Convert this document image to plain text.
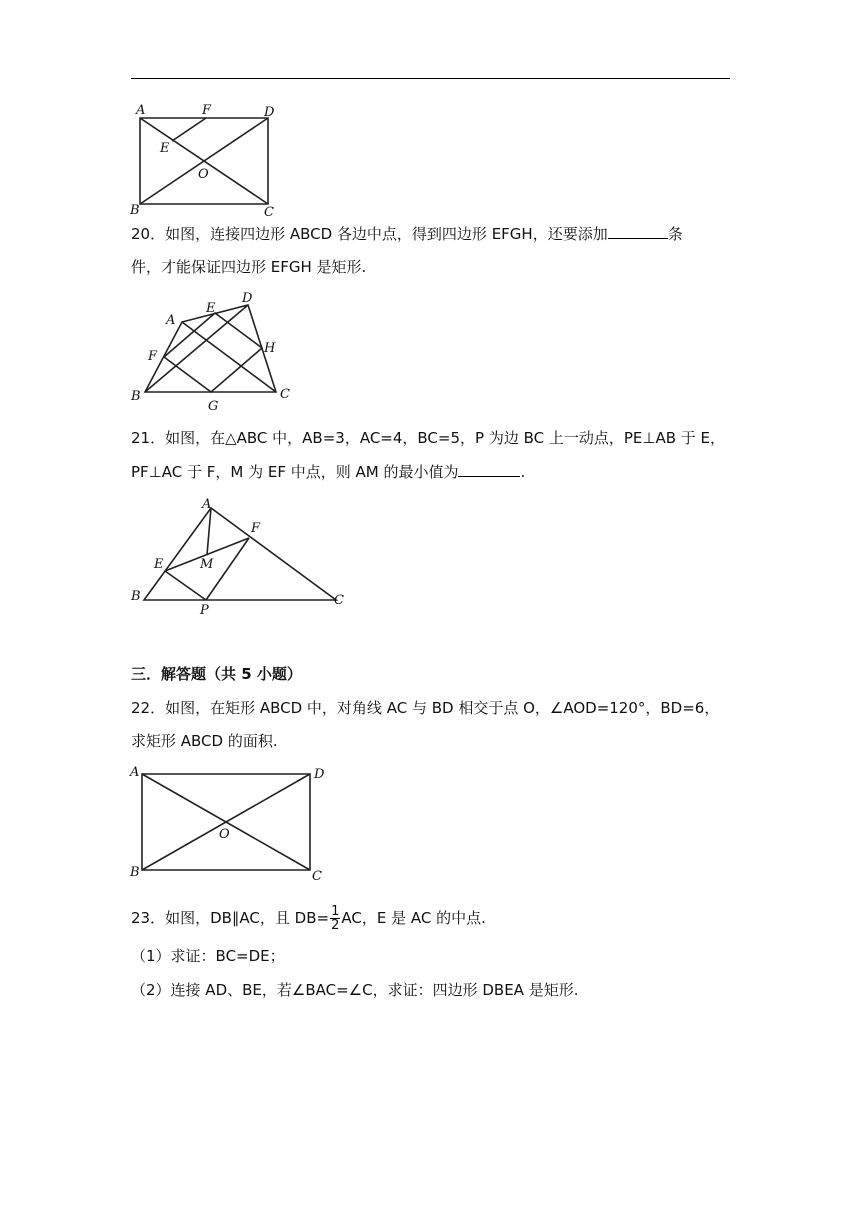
A	F	D
E
O
B	C
20．如图，连接四边形 ABCD 各边中点，得到四边形 EFGH，还要添加	条
件，才能保证四边形 EFGH 是矩形.
A
E
D
F
H
B
G
C
21．如图，在△ABC 中，AB=3，AC=4，BC=5，P 为边 BC 上一动点，PE⊥AB 于 E，
PF⊥AC 于 F，M 为 EF 中点，则 AM 的最小值为	.
A
F
E	M
B
P
C
三．解答题（共 5 小题）
22．如图，在矩形 ABCD 中，对角线 AC 与 BD 相交于点 O，∠AOD=120°，BD=6，
求矩形 ABCD 的面积.
A	D
O
B	C
23．如图，DB∥AC，且 $DB= \frac{1}{2}$ AC，E 是 AC 的中点.
（1）求证：BC=DE；
（2）连接 AD、BE，若∠BAC=∠C，求证：四边形 DBEA 是矩形.
